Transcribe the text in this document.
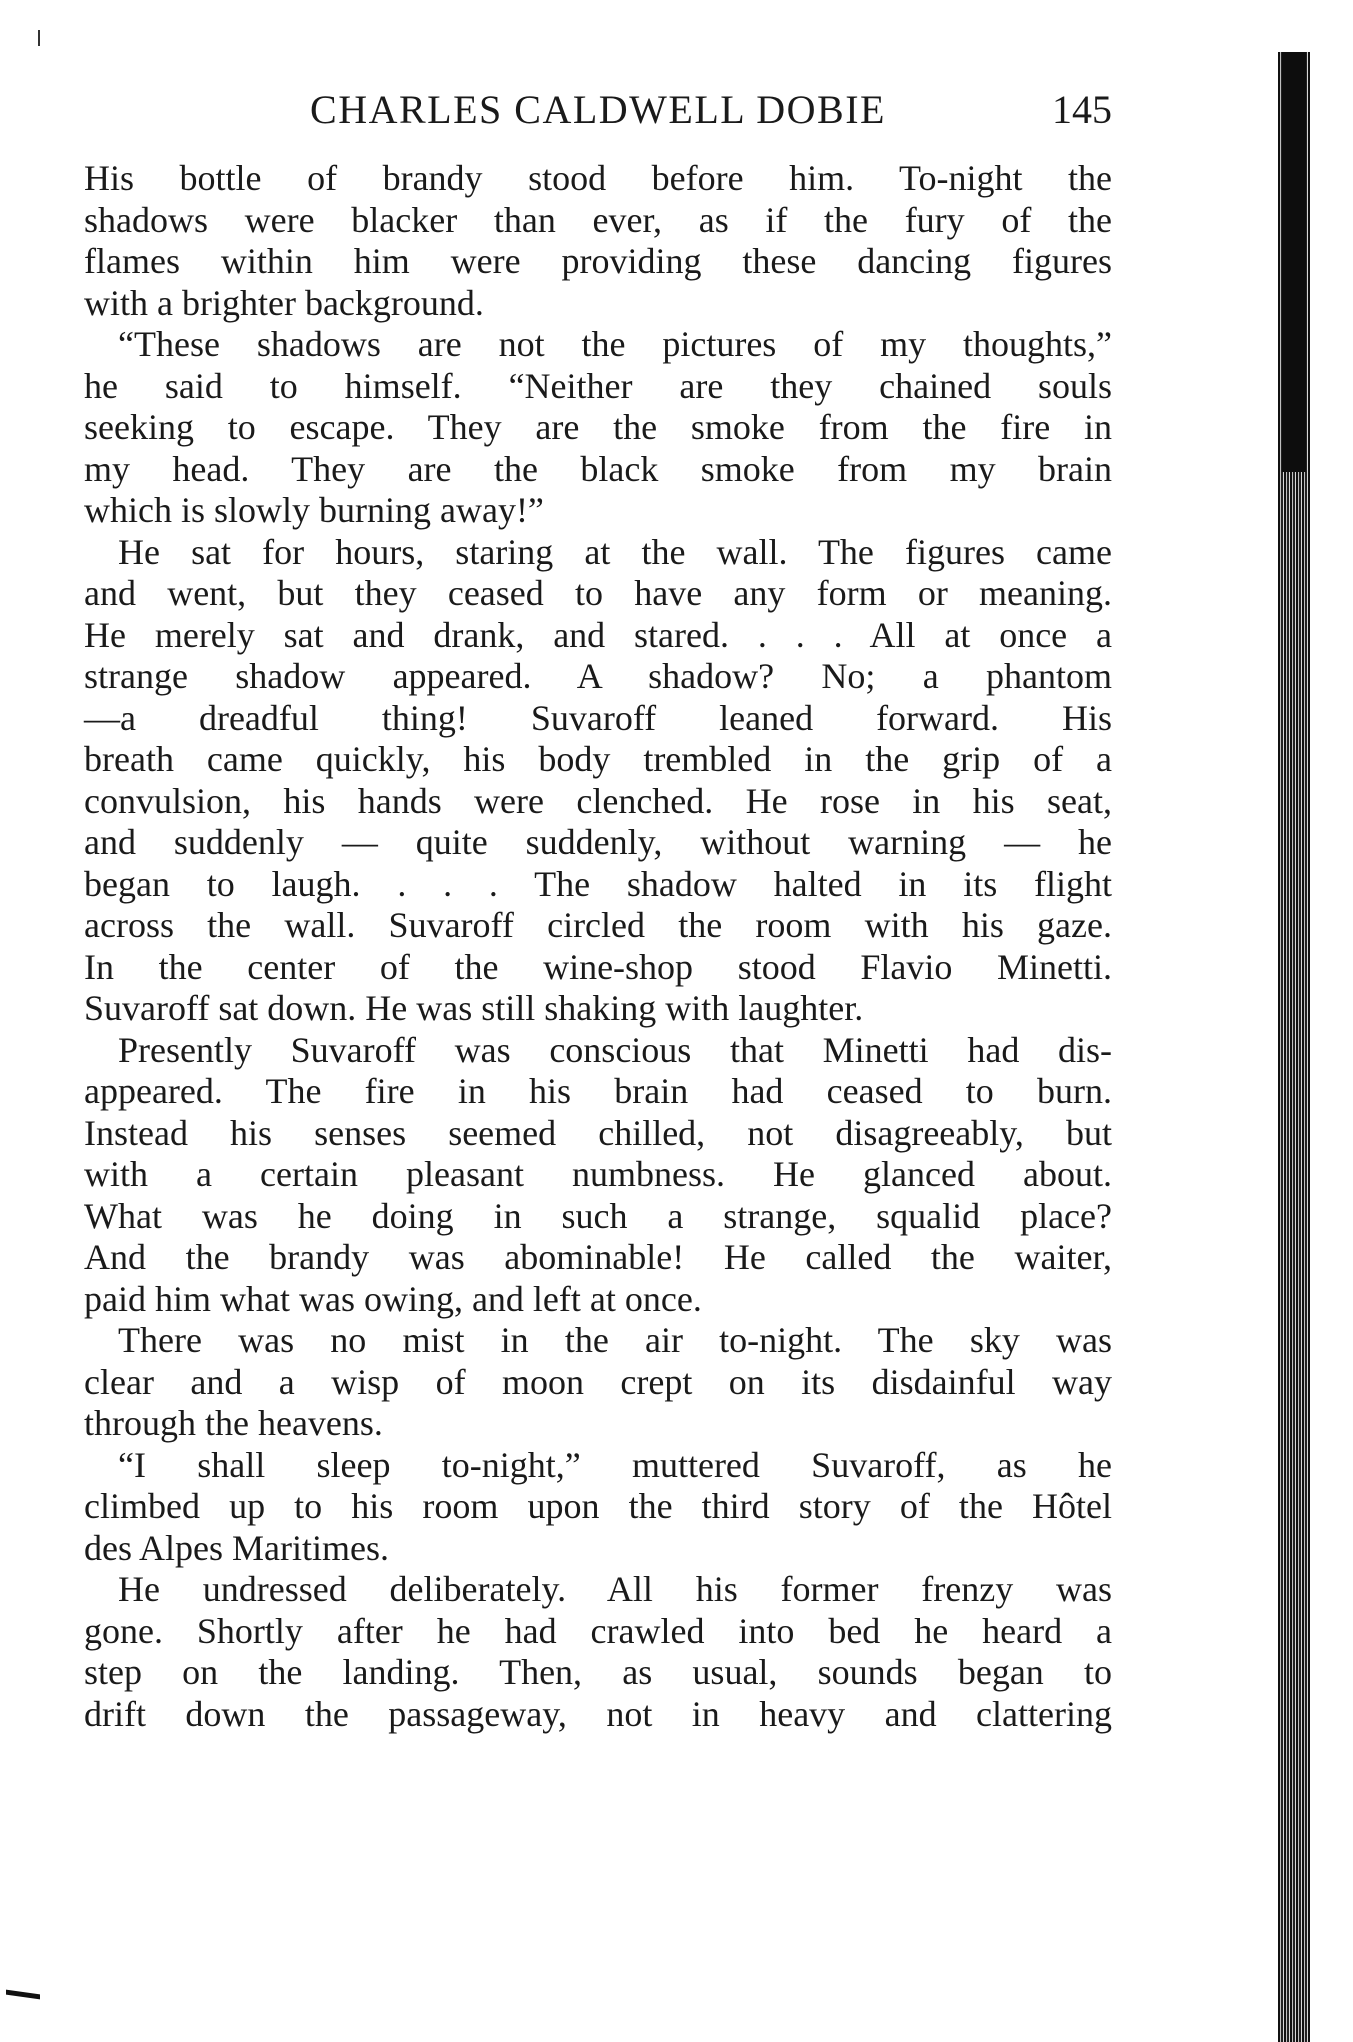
CHARLES CALDWELL DOBIE	145
His bottle of brandy stood before him. To-night the
shadows were blacker than ever, as if the fury of the
flames within him were providing these dancing figures
with a brighter background.
“These shadows are not the pictures of my thoughts,”
he said to himself. “Neither are they chained souls
seeking to escape. They are the smoke from the fire in
my head. They are the black smoke from my brain
which is slowly burning away!”
He sat for hours, staring at the wall. The figures came
and went, but they ceased to have any form or meaning.
He merely sat and drank, and stared. . . . All at once a
strange shadow appeared. A shadow? No; a phantom
—a dreadful thing! Suvaroff leaned forward. His
breath came quickly, his body trembled in the grip of a
convulsion, his hands were clenched. He rose in his seat,
and suddenly — quite suddenly, without warning — he
began to laugh. . . . The shadow halted in its flight
across the wall. Suvaroff circled the room with his gaze.
In the center of the wine-shop stood Flavio Minetti.
Suvaroff sat down. He was still shaking with laughter.
Presently Suvaroff was conscious that Minetti had dis-
appeared. The fire in his brain had ceased to burn.
Instead his senses seemed chilled, not disagreeably, but
with a certain pleasant numbness. He glanced about.
What was he doing in such a strange, squalid place?
And the brandy was abominable! He called the waiter,
paid him what was owing, and left at once.
There was no mist in the air to-night. The sky was
clear and a wisp of moon crept on its disdainful way
through the heavens.
“I shall sleep to-night,” muttered Suvaroff, as he
climbed up to his room upon the third story of the Hôtel
des Alpes Maritimes.
He undressed deliberately. All his former frenzy was
gone. Shortly after he had crawled into bed he heard a
step on the landing. Then, as usual, sounds began to
drift down the passageway, not in heavy and clattering
